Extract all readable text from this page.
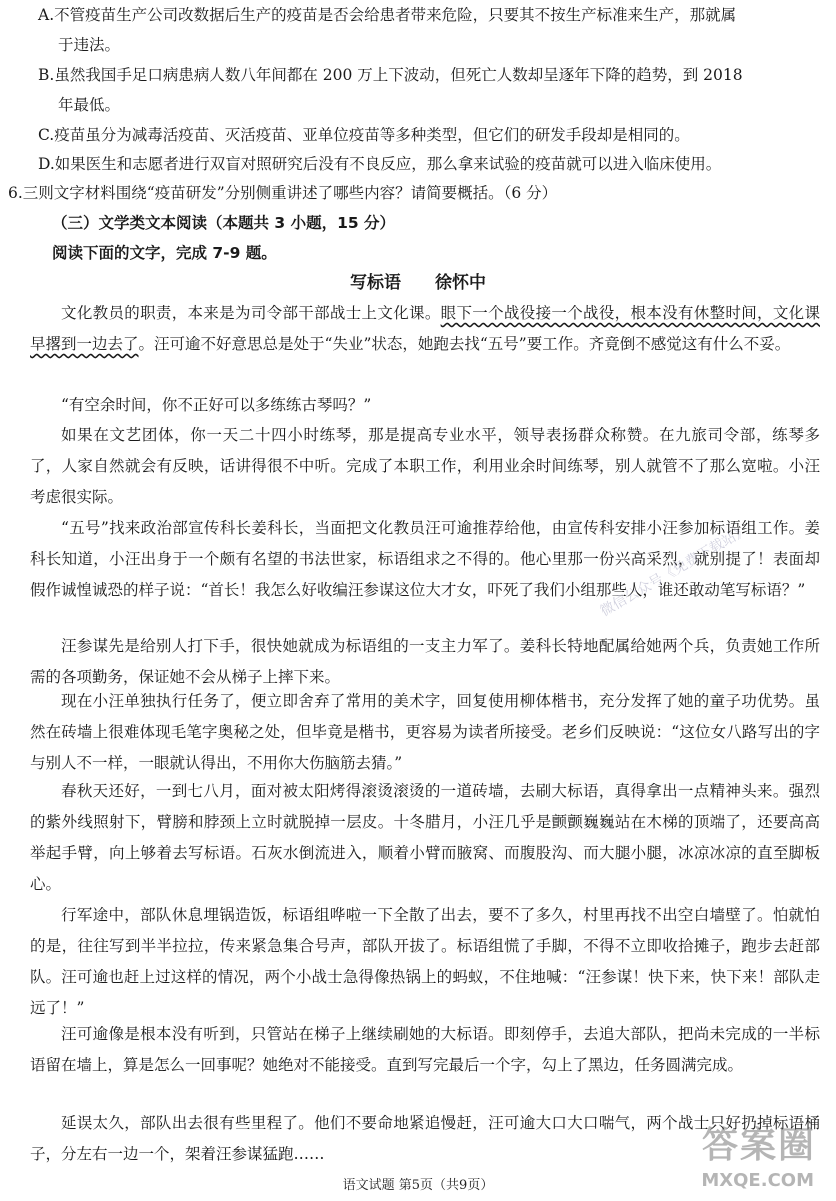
A.不管疫苗生产公司改数据后生产的疫苗是否会给患者带来危险，只要其不按生产标准来生产，那就属
于违法。
B.虽然我国手足口病患病人数八年间都在 200 万上下波动，但死亡人数却呈逐年下降的趋势，到 2018
年最低。
C.疫苗虽分为减毒活疫苗、灭活疫苗、亚单位疫苗等多种类型，但它们的研发手段却是相同的。
D.如果医生和志愿者进行双盲对照研究后没有不良反应，那么拿来试验的疫苗就可以进入临床使用。
6.三则文字材料围绕“疫苗研发”分别侧重讲述了哪些内容？请简要概括。（6 分）
（三）文学类文本阅读（本题共 3 小题，15 分）
阅读下面的文字，完成 7-9 题。
写标语 徐怀中
文化教员的职责，本来是为司令部干部战士上文化课。眼下一个战役接一个战役，根本没有休整时间，文化课早撂到一边去了。汪可逾不好意思总是处于“失业”状态，她跑去找“五号”要工作。齐竟倒不感觉这有什么不妥。
“有空余时间，你不正好可以多练练古琴吗？”
如果在文艺团体，你一天二十四小时练琴，那是提高专业水平，领导表扬群众称赞。在九旅司令部，练琴多了，人家自然就会有反映，话讲得很不中听。完成了本职工作，利用业余时间练琴，别人就管不了那么宽啦。小汪考虑很实际。
“五号”找来政治部宣传科长姜科长，当面把文化教员汪可逾推荐给他，由宣传科安排小汪参加标语组工作。姜科长知道，小汪出身于一个颇有名望的书法世家，标语组求之不得的。他心里那一份兴高采烈，就别提了！表面却假作诚惶诚恐的样子说：“首长！我怎么好收编汪参谋这位大才女，吓死了我们小组那些人，谁还敢动笔写标语？”
汪参谋先是给别人打下手，很快她就成为标语组的一支主力军了。姜科长特地配属给她两个兵，负责她工作所需的各项勤务，保证她不会从梯子上摔下来。
现在小汪单独执行任务了，便立即舍弃了常用的美术字，回复使用柳体楷书，充分发挥了她的童子功优势。虽然在砖墙上很难体现毛笔字奥秘之处，但毕竟是楷书，更容易为读者所接受。老乡们反映说：“这位女八路写出的字与别人不一样，一眼就认得出，不用你大伤脑筋去猜。”
春秋天还好，一到七八月，面对被太阳烤得滚烫滚烫的一道砖墙，去刷大标语，真得拿出一点精神头来。强烈的紫外线照射下，臂膀和脖颈上立时就脱掉一层皮。十冬腊月，小汪几乎是颤颤巍巍站在木梯的顶端了，还要高高举起手臂，向上够着去写标语。石灰水倒流进入，顺着小臂而腋窝、而腹股沟、而大腿小腿，冰凉冰凉的直至脚板心。
行军途中，部队休息埋锅造饭，标语组哗啦一下全散了出去，要不了多久，村里再找不出空白墙壁了。怕就怕的是，往往写到半半拉拉，传来紧急集合号声，部队开拔了。标语组慌了手脚，不得不立即收拾摊子，跑步去赶部队。汪可逾也赶上过这样的情况，两个小战士急得像热锅上的蚂蚁，不住地喊：“汪参谋！快下来，快下来！部队走远了！”
汪可逾像是根本没有听到，只管站在梯子上继续刷她的大标语。即刻停手，去追大部队，把尚未完成的一半标语留在墙上，算是怎么一回事呢？她绝对不能接受。直到写完最后一个字，勾上了黑边，任务圆满完成。
延误太久，部队出去很有些里程了。他们不要命地紧追慢赶，汪可逾大口大口喘气，两个战士只好扔掉标语桶子，分左右一边一个，架着汪参谋猛跑……
语文试题 第5页（共9页）
微信公众号《免费下载站》
答案圈
MXQE.COM
